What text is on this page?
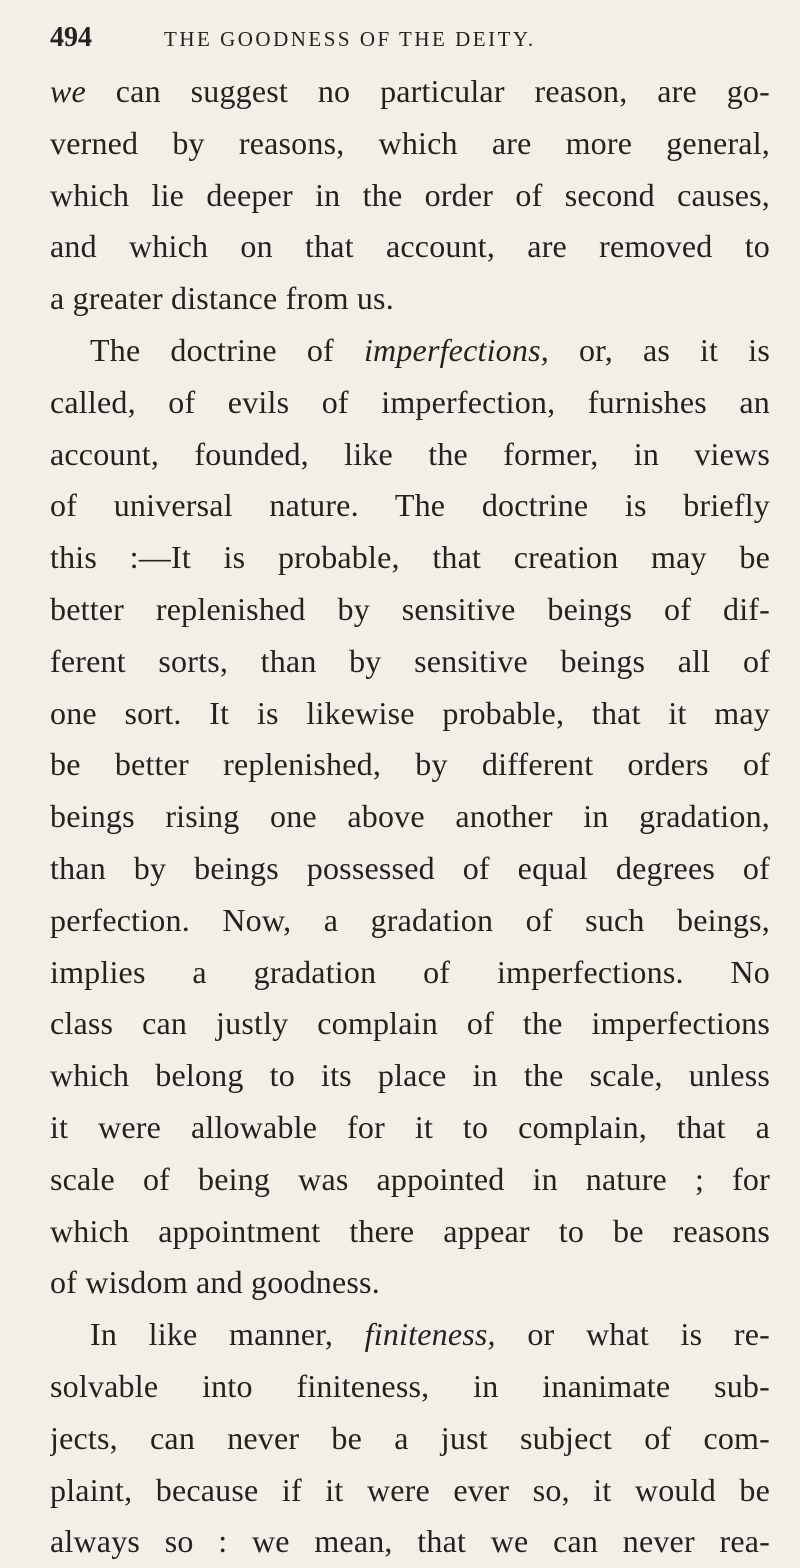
494	THE GOODNESS OF THE DEITY.
we can suggest no particular reason, are go-
verned by reasons, which are more general,
which lie deeper in the order of second causes,
and which on that account, are removed to
a greater distance from us.
The doctrine of imperfections, or, as it is
called, of evils of imperfection, furnishes an
account, founded, like the former, in views
of universal nature. The doctrine is briefly
this :—It is probable, that creation may be
better replenished by sensitive beings of dif-
ferent sorts, than by sensitive beings all of
one sort. It is likewise probable, that it may
be better replenished, by different orders of
beings rising one above another in gradation,
than by beings possessed of equal degrees of
perfection. Now, a gradation of such beings,
implies a gradation of imperfections. No
class can justly complain of the imperfections
which belong to its place in the scale, unless
it were allowable for it to complain, that a
scale of being was appointed in nature ; for
which appointment there appear to be reasons
of wisdom and goodness.
In like manner, finiteness, or what is re-
solvable into finiteness, in inanimate sub-
jects, can never be a just subject of com-
plaint, because if it were ever so, it would be
always so : we mean, that we can never rea-
